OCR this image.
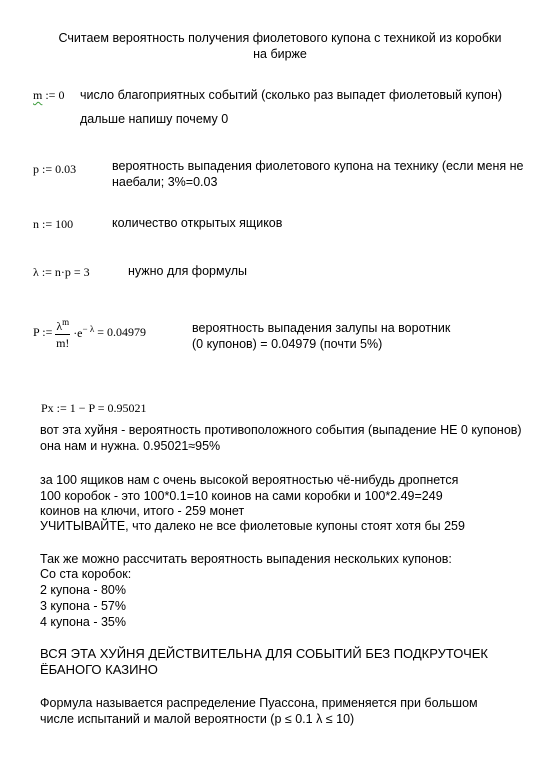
Считаем вероятность получения фиолетового купона с техникой из коробки
на бирже
m := 0 число благоприятных событий (сколько раз выпадет фиолетовый купон)
дальше напишу почему 0
p := 0.03	вероятность выпадения фиолетового купона на технику (если меня не
наебали; 3%=0.03
n := 100	количество открытых ящиков
λ := n·p = 3	нужно для формулы
P := $\frac{\lambda^m}{m!} \cdot e^{- \lambda} = 0.04979$	вероятность выпадения залупы на воротник
(0 купонов) = 0.04979 (почти 5%)
Px := 1 − P = 0.95021
вот эта хуйня - вероятность противоположного события (выпадение НЕ 0 купонов)
она нам и нужна. 0.95021≈95%
за 100 ящиков нам с очень высокой вероятностью чё-нибудь дропнется
100 коробок - это 100*0.1=10 коинов на сами коробки и 100*2.49=249
коинов на ключи, итого - 259 монет
УЧИТЫВАЙТЕ, что далеко не все фиолетовые купоны стоят хотя бы 259
Так же можно рассчитать вероятность выпадения нескольких купонов:
Со ста коробок:
2 купона - 80%
3 купона - 57%
4 купона - 35%
ВСЯ ЭТА ХУЙНЯ ДЕЙСТВИТЕЛЬНА ДЛЯ СОБЫТИЙ БЕЗ ПОДКРУТОЧЕК
ЁБАНОГО КАЗИНО
Формула называется распределение Пуассона, применяется при большом
числе испытаний и малой вероятности (p ≤ 0.1 λ ≤ 10)
